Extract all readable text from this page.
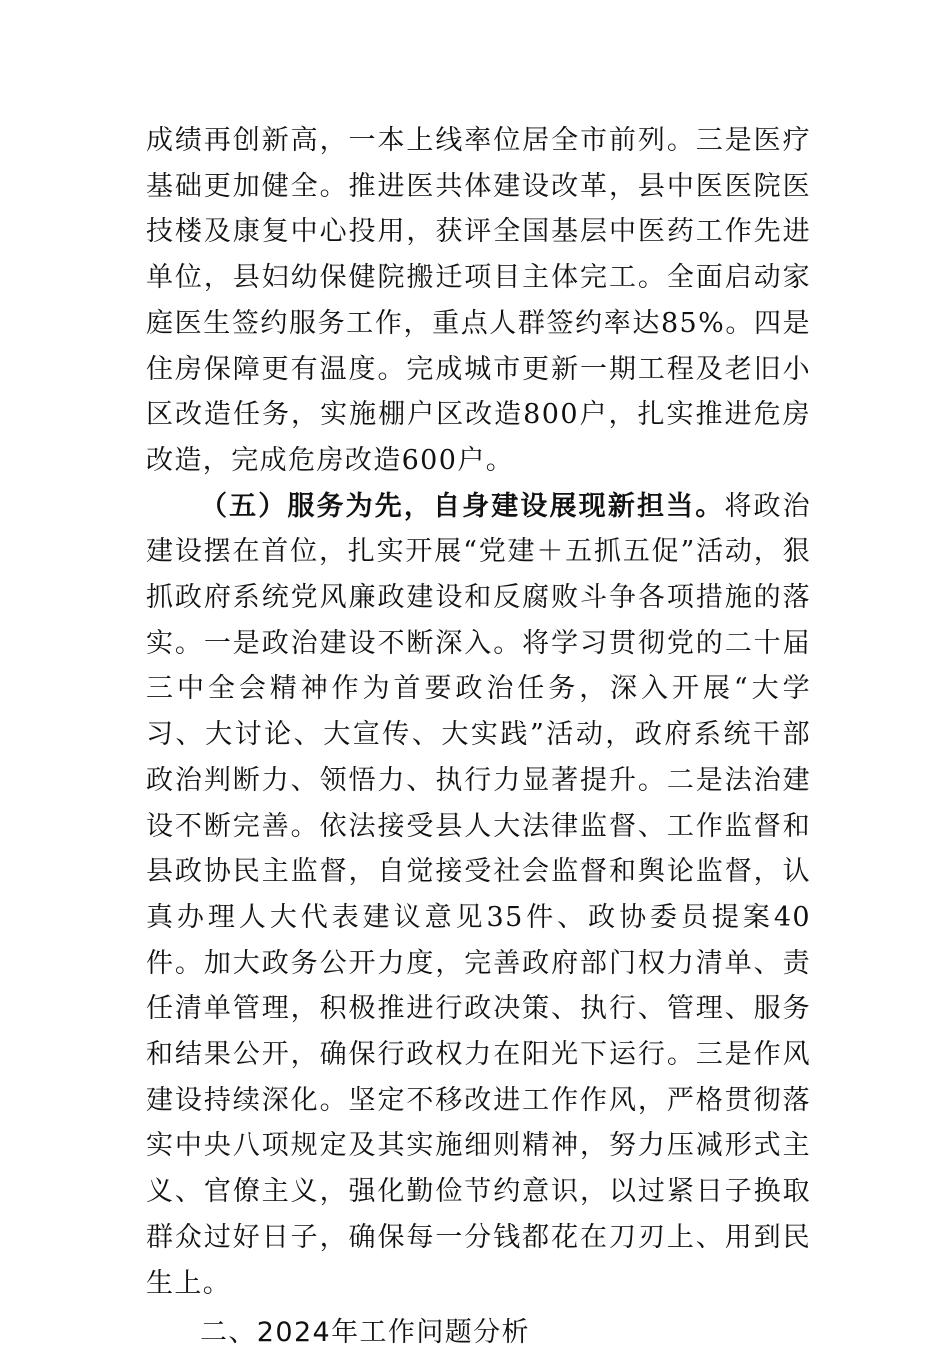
成绩再创新高，一本上线率位居全市前列。三是医疗基础更加健全。推进医共体建设改革，县中医医院医技楼及康复中心投用，获评全国基层中医药工作先进单位，县妇幼保健院搬迁项目主体完工。全面启动家庭医生签约服务工作，重点人群签约率达85%。四是住房保障更有温度。完成城市更新一期工程及老旧小区改造任务，实施棚户区改造800户，扎实推进危房改造，完成危房改造600户。

（五）服务为先，自身建设展现新担当。将政治建设摆在首位，扎实开展“党建＋五抓五促”活动，狠抓政府系统党风廉政建设和反腐败斗争各项措施的落实。一是政治建设不断深入。将学习贯彻党的二十届三中全会精神作为首要政治任务，深入开展“大学习、大讨论、大宣传、大实践”活动，政府系统干部政治判断力、领悟力、执行力显著提升。二是法治建设不断完善。依法接受县人大法律监督、工作监督和县政协民主监督，自觉接受社会监督和舆论监督，认真办理人大代表建议意见35件、政协委员提案40件。加大政务公开力度，完善政府部门权力清单、责任清单管理，积极推进行政决策、执行、管理、服务和结果公开，确保行政权力在阳光下运行。三是作风建设持续深化。坚定不移改进工作作风，严格贯彻落实中央八项规定及其实施细则精神，努力压减形式主义、官僚主义，强化勤俭节约意识，以过紧日子换取群众过好日子，确保每一分钱都花在刀刃上、用到民生上。

二、2024年工作问题分析
